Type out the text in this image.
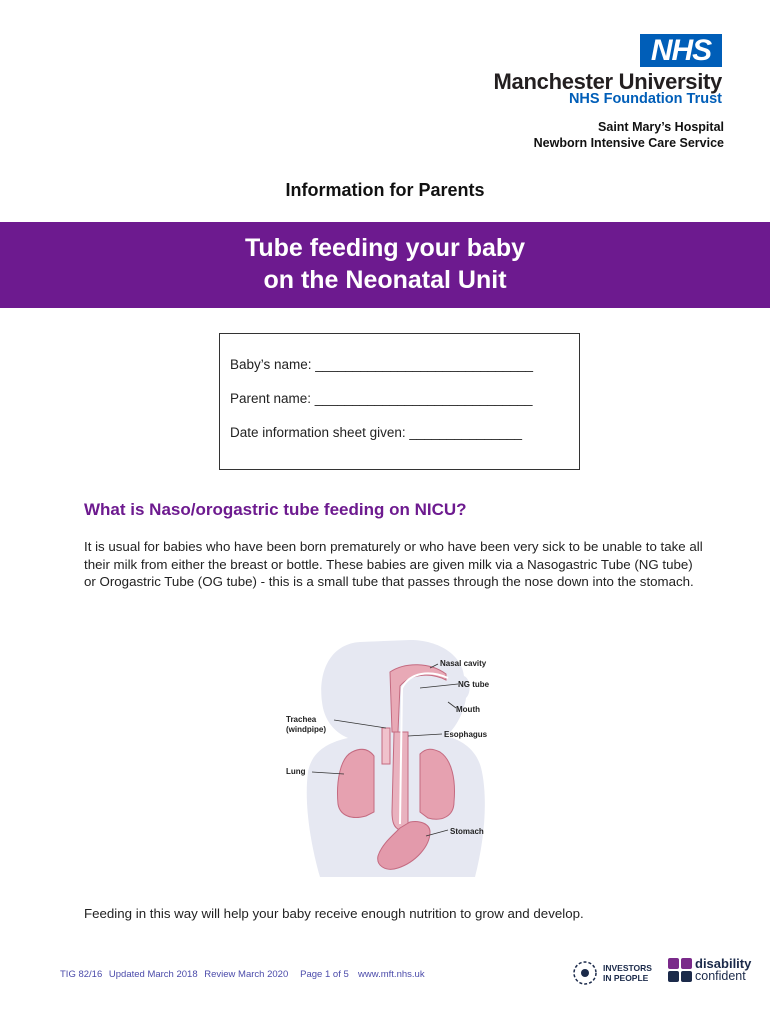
NHS
Manchester University
NHS Foundation Trust
Saint Mary’s Hospital
Newborn Intensive Care Service
Information for Parents
Tube feeding your baby
on the Neonatal Unit
Baby’s name: _____________________________
Parent name: _____________________________
Date information sheet given: _______________
What is Naso/orogastric tube feeding on NICU?
It is usual for babies who have been born prematurely or who have been very sick to be unable to take all their milk from either the breast or bottle. These babies are given milk via a Nasogastric Tube (NG tube) or Orogastric Tube (OG tube) - this is a small tube that passes through the nose down into the stomach.
Nasal cavity
NG tube
Mouth
Trachea
(windpipe)
Esophagus
Lung
Stomach
Feeding in this way will help your baby receive enough nutrition to grow and develop.
TIG 82/16 Updated March 2018 Review March 2020 Page 1 of 5 www.mft.nhs.uk
INVESTORS
IN PEOPLE
disability
confident
